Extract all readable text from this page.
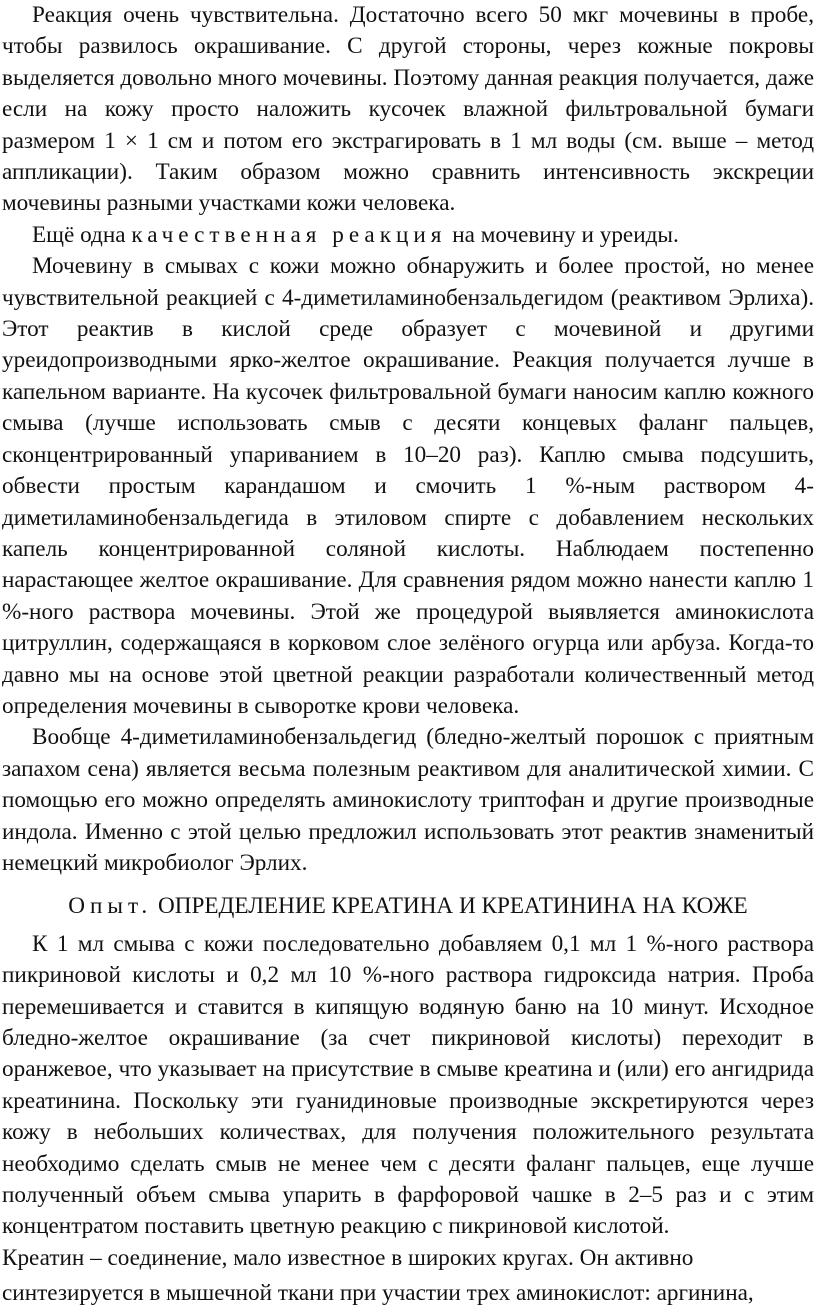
Реакция очень чувствительна. Достаточно всего 50 мкг мочевины в пробе, чтобы развилось окрашивание. С другой стороны, через кожные покровы выделяется довольно много мочевины. Поэтому данная реакция получается, даже если на кожу просто наложить кусочек влажной фильтровальной бумаги размером 1 × 1 см и потом его экстрагировать в 1 мл воды (см. выше – метод аппликации). Таким образом можно сравнить интенсивность экскреции мочевины разными участками кожи человека.

Ещё одна качественная реакция на мочевину и уреиды.

Мочевину в смывах с кожи можно обнаружить и более простой, но менее чувствительной реакцией с 4-диметиламинобензальдегидом (реактивом Эрлиха). Этот реактив в кислой среде образует с мочевиной и другими уреидопроизводными ярко-желтое окрашивание. Реакция получается лучше в капельном варианте. На кусочек фильтровальной бумаги наносим каплю кожного смыва (лучше использовать смыв с десяти концевых фаланг пальцев, сконцентрированный упариванием в 10–20 раз). Каплю смыва подсушить, обвести простым карандашом и смочить 1 %-ным раствором 4-диметиламинобензальдегида в этиловом спирте с добавлением нескольких капель концентрированной соляной кислоты. Наблюдаем постепенно нарастающее желтое окрашивание. Для сравнения рядом можно нанести каплю 1 %-ного раствора мочевины. Этой же процедурой выявляется аминокислота цитруллин, содержащаяся в корковом слое зелёного огурца или арбуза. Когда-то давно мы на основе этой цветной реакции разработали количественный метод определения мочевины в сыворотке крови человека.

Вообще 4-диметиламинобензальдегид (бледно-желтый порошок с приятным запахом сена) является весьма полезным реактивом для аналитической химии. С помощью его можно определять аминокислоту триптофан и другие производные индола. Именно с этой целью предложил использовать этот реактив знаменитый немецкий микробиолог Эрлих.

Опыт. ОПРЕДЕЛЕНИЕ КРЕАТИНА И КРЕАТИНИНА НА КОЖЕ

К 1 мл смыва с кожи последовательно добавляем 0,1 мл 1 %-ного раствора пикриновой кислоты и 0,2 мл 10 %-ного раствора гидроксида натрия. Проба перемешивается и ставится в кипящую водяную баню на 10 минут. Исходное бледно-желтое окрашивание (за счет пикриновой кислоты) переходит в оранжевое, что указывает на присутствие в смыве креатина и (или) его ангидрида креатинина. Поскольку эти гуанидиновые производные экскретируются через кожу в небольших количествах, для получения положительного результата необходимо сделать смыв не менее чем с десяти фаланг пальцев, еще лучше полученный объем смыва упарить в фарфоровой чашке в 2–5 раз и с этим концентратом поставить цветную реакцию с пикриновой кислотой.

Креатин – соединение, мало известное в широких кругах. Он активно

синтезируется в мышечной ткани при участии трех аминокислот: аргинина,
